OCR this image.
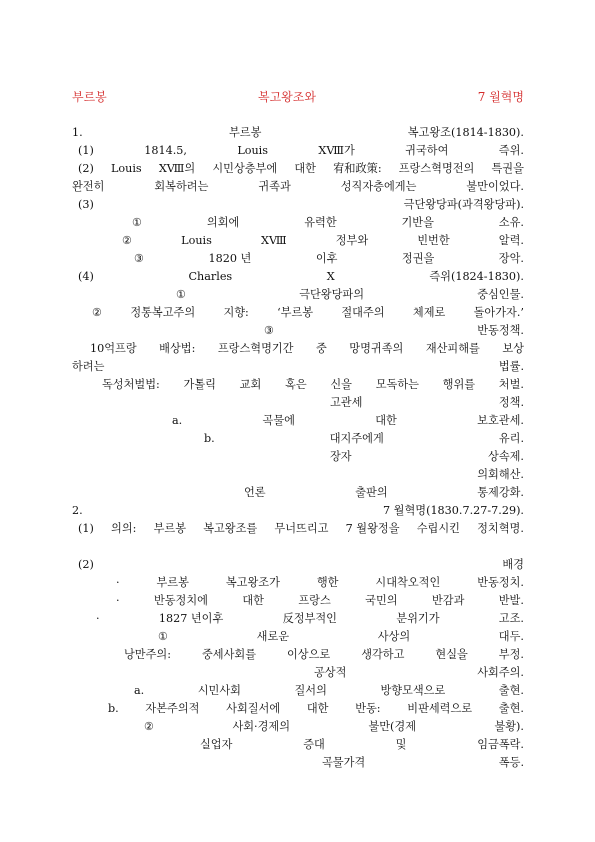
부르봉	복고왕조와	7 월혁명
1.	부르봉	복고왕조(1814-1830).
(1)	1814.5,	Louis	XⅧ가	귀국하여	즉위.
(2) Louis XⅧ의 시민상층부에 대한 宥和政策: 프랑스혁명전의 특권을
완전히	회복하려는	귀족과	성직자층에게는	불만이었다.
(3)	극단왕당파(과격왕당파).
①	의회에	유력한	기반을	소유.
②	Louis	XⅧ	정부와	빈번한	알력.
③	1820 년	이후	정권을	장악.
(4)	Charles	X	즉위(1824-1830).
①	극단왕당파의	중심인물.
②	정통복고주의	지향:	‘부르봉	절대주의	체제로	돌아가자.’
③	반동정책.
10억프랑 배상법: 프랑스혁명기간 중 망명귀족의 재산피해를 보상
하려는	법률.
독성처벌법: 가톨릭 교회 혹은 신을 모독하는 행위를 처벌.
고관세	정책.
a.	곡물에	대한	보호관세.
b.	대지주에게	유리.
장자	상속제.
의회해산.
언론	출판의	통제강화.
2.	7 월혁명(1830.7.27-7.29).
(1) 의의: 부르봉 복고왕조를 무너뜨리고 7 월왕정을 수립시킨 정치혁명.
(2)	배경
·	부르봉	복고왕조가	행한	시대착오적인	반동정치.
·	반동정치에	대한	프랑스	국민의	반감과	반발.
·	1827 년이후	反정부적인	분위기가	고조.
①	새로운	사상의	대두.
낭만주의:	중세사회를	이상으로	생각하고	현실을	부정.
공상적	사회주의.
a.	시민사회	질서의	방향모색으로	출현.
b. 자본주의적 사회질서에 대한 반동: 비판세력으로 출현.
②	사회·경제의	불만(경제	불황).
실업자	증대	및	임금폭락.
곡물가격	폭등.
